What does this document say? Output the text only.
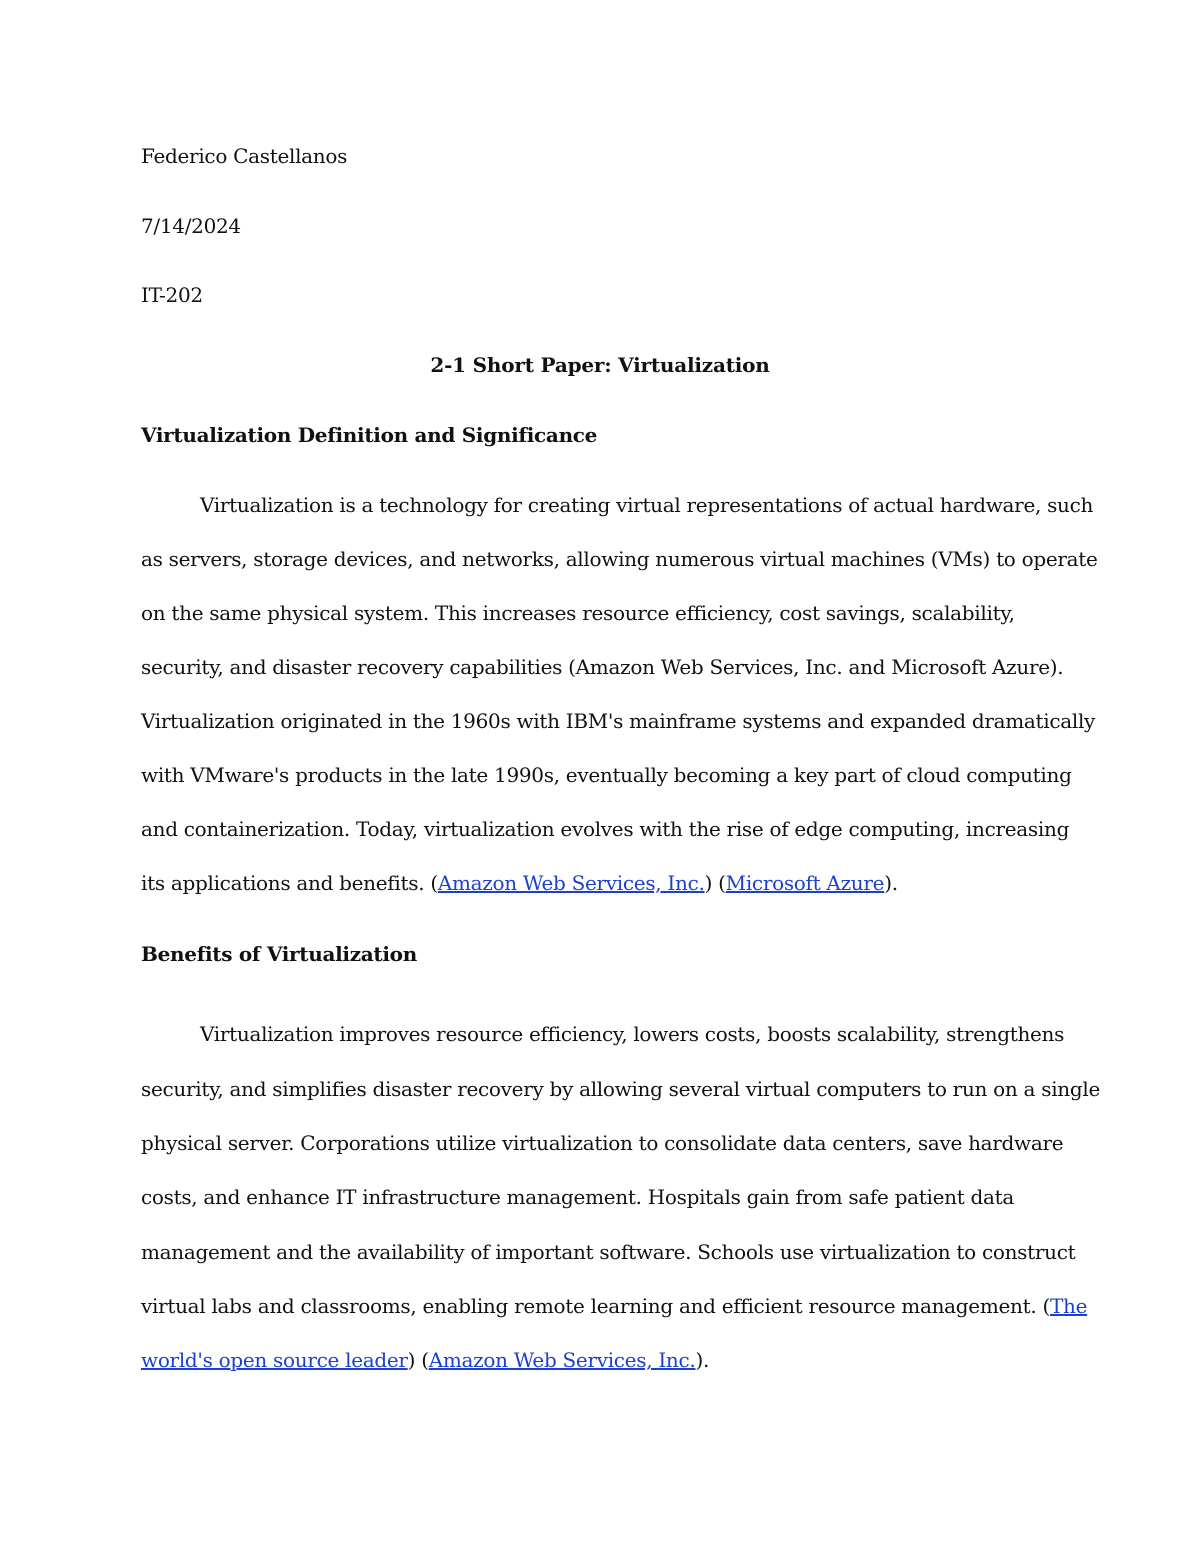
Federico Castellanos
7/14/2024
IT-202
2-1 Short Paper: Virtualization
Virtualization Definition and Significance
Virtualization is a technology for creating virtual representations of actual hardware, such
as servers, storage devices, and networks, allowing numerous virtual machines (VMs) to operate
on the same physical system. This increases resource efficiency, cost savings, scalability,
security, and disaster recovery capabilities (Amazon Web Services, Inc. and Microsoft Azure).
Virtualization originated in the 1960s with IBM's mainframe systems and expanded dramatically
with VMware's products in the late 1990s, eventually becoming a key part of cloud computing
and containerization. Today, virtualization evolves with the rise of edge computing, increasing
its applications and benefits. (Amazon Web Services, Inc.) (Microsoft Azure).
Benefits of Virtualization
Virtualization improves resource efficiency, lowers costs, boosts scalability, strengthens
security, and simplifies disaster recovery by allowing several virtual computers to run on a single
physical server. Corporations utilize virtualization to consolidate data centers, save hardware
costs, and enhance IT infrastructure management. Hospitals gain from safe patient data
management and the availability of important software. Schools use virtualization to construct
virtual labs and classrooms, enabling remote learning and efficient resource management. (The
world's open source leader) (Amazon Web Services, Inc.).
